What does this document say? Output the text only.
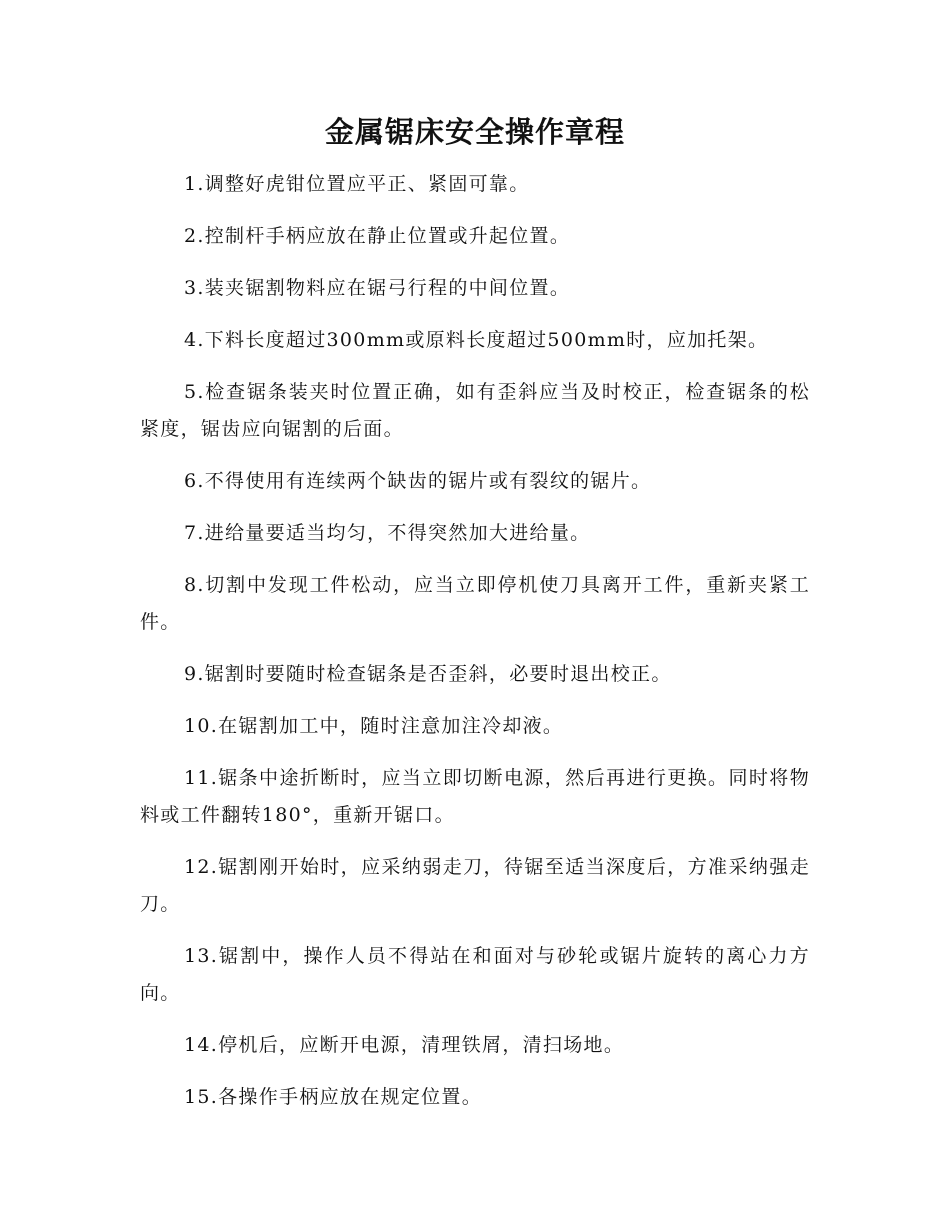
金属锯床安全操作章程
1.调整好虎钳位置应平正、紧固可靠。
2.控制杆手柄应放在静止位置或升起位置。
3.装夹锯割物料应在锯弓行程的中间位置。
4.下料长度超过300mm或原料长度超过500mm时，应加托架。
5.检查锯条装夹时位置正确，如有歪斜应当及时校正，检查锯条的松紧度，锯齿应向锯割的后面。
6.不得使用有连续两个缺齿的锯片或有裂纹的锯片。
7.进给量要适当均匀，不得突然加大进给量。
8.切割中发现工件松动，应当立即停机使刀具离开工件，重新夹紧工件。
9.锯割时要随时检查锯条是否歪斜，必要时退出校正。
10.在锯割加工中，随时注意加注冷却液。
11.锯条中途折断时，应当立即切断电源，然后再进行更换。同时将物料或工件翻转180°，重新开锯口。
12.锯割刚开始时，应采纳弱走刀，待锯至适当深度后，方准采纳强走刀。
13.锯割中，操作人员不得站在和面对与砂轮或锯片旋转的离心力方向。
14.停机后，应断开电源，清理铁屑，清扫场地。
15.各操作手柄应放在规定位置。
